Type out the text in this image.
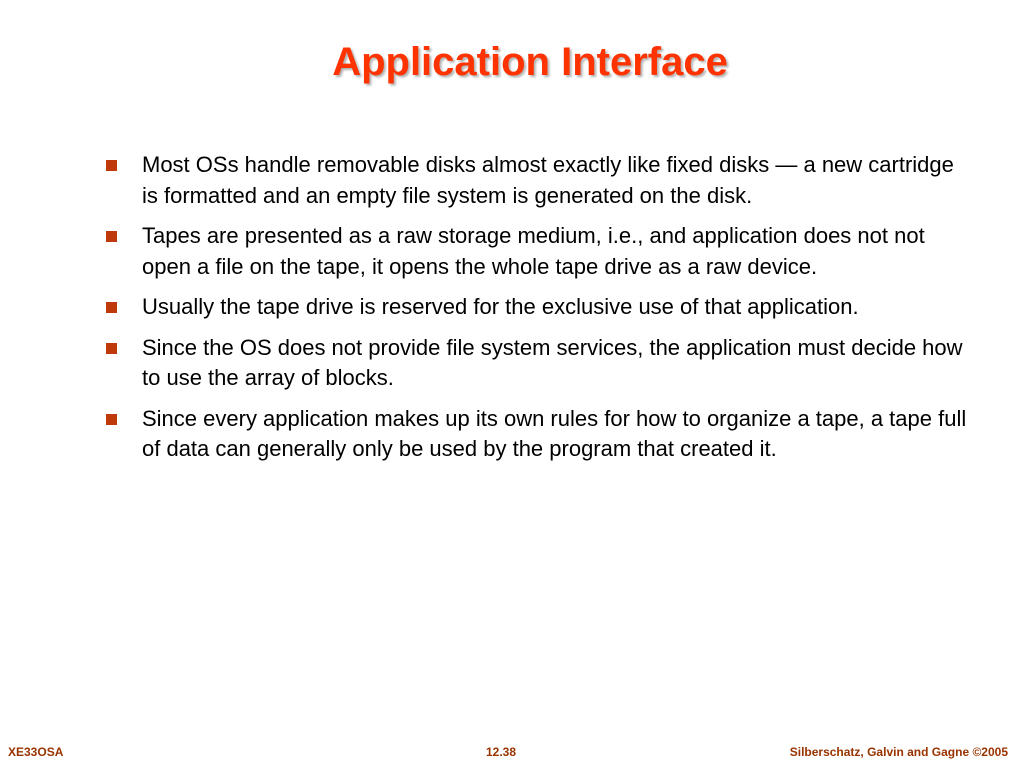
Application Interface
Most OSs handle removable disks almost exactly like fixed disks — a new cartridge is formatted and an empty file system is generated on the disk.
Tapes are presented as a raw storage medium, i.e., and application does not not open a file on the tape, it opens the whole tape drive as a raw device.
Usually the tape drive is reserved for the exclusive use of that application.
Since the OS does not provide file system services, the application must decide how to use the array of blocks.
Since every application makes up its own rules for how to organize a tape, a tape full of data can generally only be used by the program that created it.
XE33OSA	12.38	Silberschatz, Galvin and Gagne ©2005
